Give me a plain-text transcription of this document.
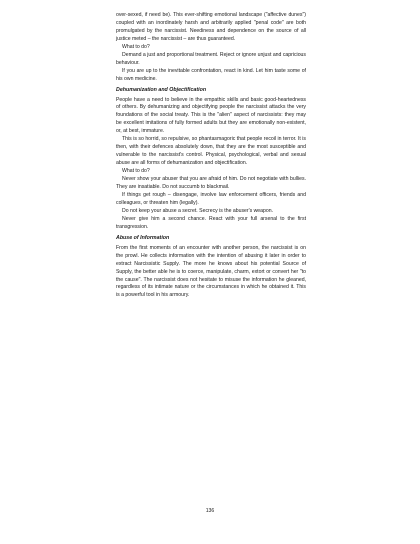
over-sexed, if need be). This ever-shifting emotional landscape ("affective dunes") coupled with an inordinately harsh and arbitrarily applied "penal code" are both promulgated by the narcissist. Neediness and dependence on the source of all justice meted – the narcissist – are thus guaranteed.

What to do?

Demand a just and proportional treatment. Reject or ignore unjust and capricious behaviour.

If you are up to the inevitable confrontation, react in kind. Let him taste some of his own medicine.

Dehumanization and Objectification

People have a need to believe in the empathic skills and basic good-heartedness of others. By dehumanizing and objectifying people the narcissist attacks the very foundations of the social treaty. This is the "alien" aspect of narcissists: they may be excellent imitations of fully formed adults but they are emotionally non-existent, or, at best, immature.

This is so horrid, so repulsive, so phantasmagoric that people recoil in terror. It is then, with their defences absolutely down, that they are the most susceptible and vulnerable to the narcissist's control. Physical, psychological, verbal and sexual abuse are all forms of dehumanization and objectification.

What to do?

Never show your abuser that you are afraid of him. Do not negotiate with bullies. They are insatiable. Do not succumb to blackmail.

If things get rough – disengage, involve law enforcement officers, friends and colleagues, or threaten him (legally).

Do not keep your abuse a secret. Secrecy is the abuser's weapon.

Never give him a second chance. React with your full arsenal to the first transgression.

Abuse of Information

From the first moments of an encounter with another person, the narcissist is on the prowl. He collects information with the intention of abusing it later in order to extract Narcissistic Supply. The more he knows about his potential Source of Supply, the better able he is to coerce, manipulate, charm, extort or convert her "to the cause". The narcissist does not hesitate to misuse the information he gleaned, regardless of its intimate nature or the circumstances in which he obtained it. This is a powerful tool in his armoury.

136
